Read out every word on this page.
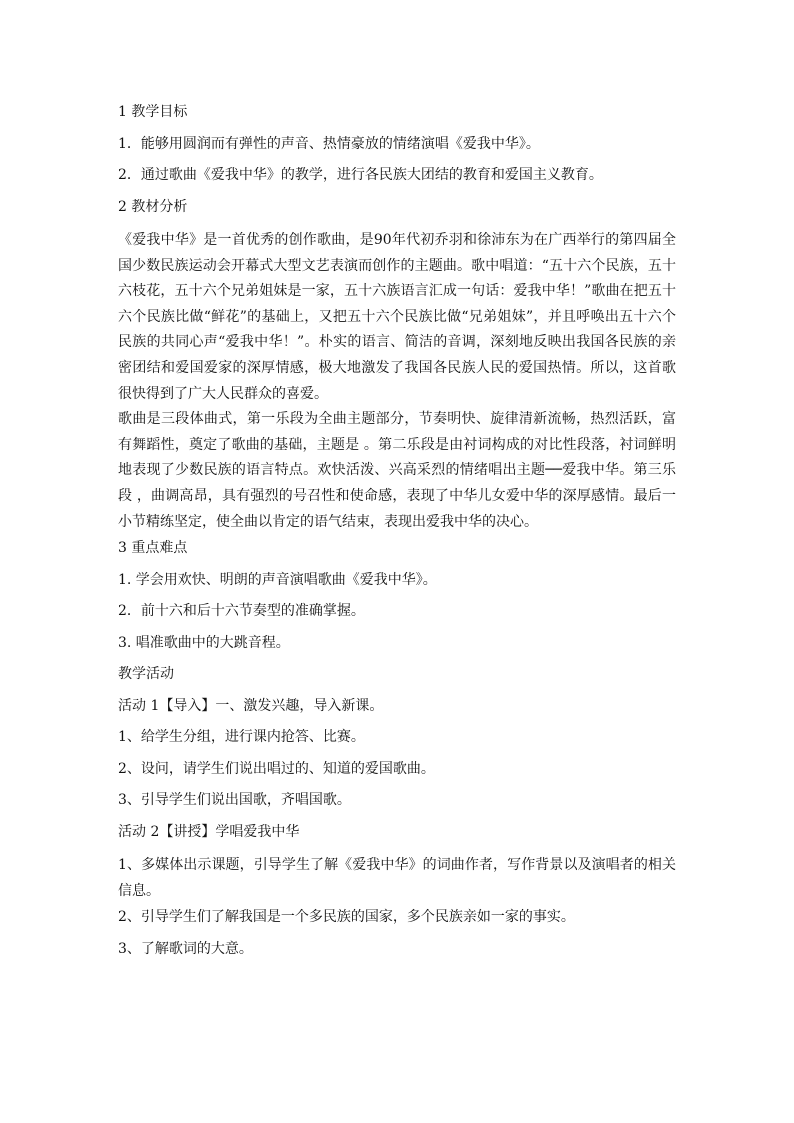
1 教学目标

1．能够用圆润而有弹性的声音、热情豪放的情绪演唱《爱我中华》。

2．通过歌曲《爱我中华》的教学，进行各民族大团结的教育和爱国主义教育。

2 教材分析

《爱我中华》是一首优秀的创作歌曲，是90年代初乔羽和徐沛东为在广西举行的第四届全国少数民族运动会开幕式大型文艺表演而创作的主题曲。歌中唱道：“五十六个民族，五十六枝花，五十六个兄弟姐妹是一家，五十六族语言汇成一句话：爱我中华！”歌曲在把五十六个民族比做“鲜花”的基础上，又把五十六个民族比做“兄弟姐妹”，并且呼唤出五十六个民族的共同心声“爱我中华！”。朴实的语言、简洁的音调，深刻地反映出我国各民族的亲密团结和爱国爱家的深厚情感，极大地激发了我国各民族人民的爱国热情。所以，这首歌很快得到了广大人民群众的喜爱。

歌曲是三段体曲式，第一乐段为全曲主题部分，节奏明快、旋律清新流畅，热烈活跃，富有舞蹈性，奠定了歌曲的基础，主题是 。第二乐段是由衬词构成的对比性段落，衬词鲜明地表现了少数民族的语言特点。欢快活泼、兴高采烈的情绪唱出主题──爱我中华。第三乐段 ，曲调高昂，具有强烈的号召性和使命感，表现了中华儿女爱中华的深厚感情。最后一小节精练坚定，使全曲以肯定的语气结束，表现出爱我中华的决心。

3 重点难点

1. 学会用欢快、明朗的声音演唱歌曲《爱我中华》。

2．前十六和后十六节奏型的准确掌握。

3. 唱准歌曲中的大跳音程。

教学活动

活动 1【导入】一、激发兴趣，导入新课。

1、给学生分组，进行课内抢答、比赛。

2、设问，请学生们说出唱过的、知道的爱国歌曲。

3、引导学生们说出国歌，齐唱国歌。

活动 2【讲授】学唱爱我中华

1、多媒体出示课题，引导学生了解《爱我中华》的词曲作者，写作背景以及演唱者的相关信息。

2、引导学生们了解我国是一个多民族的国家，多个民族亲如一家的事实。

3、了解歌词的大意。
